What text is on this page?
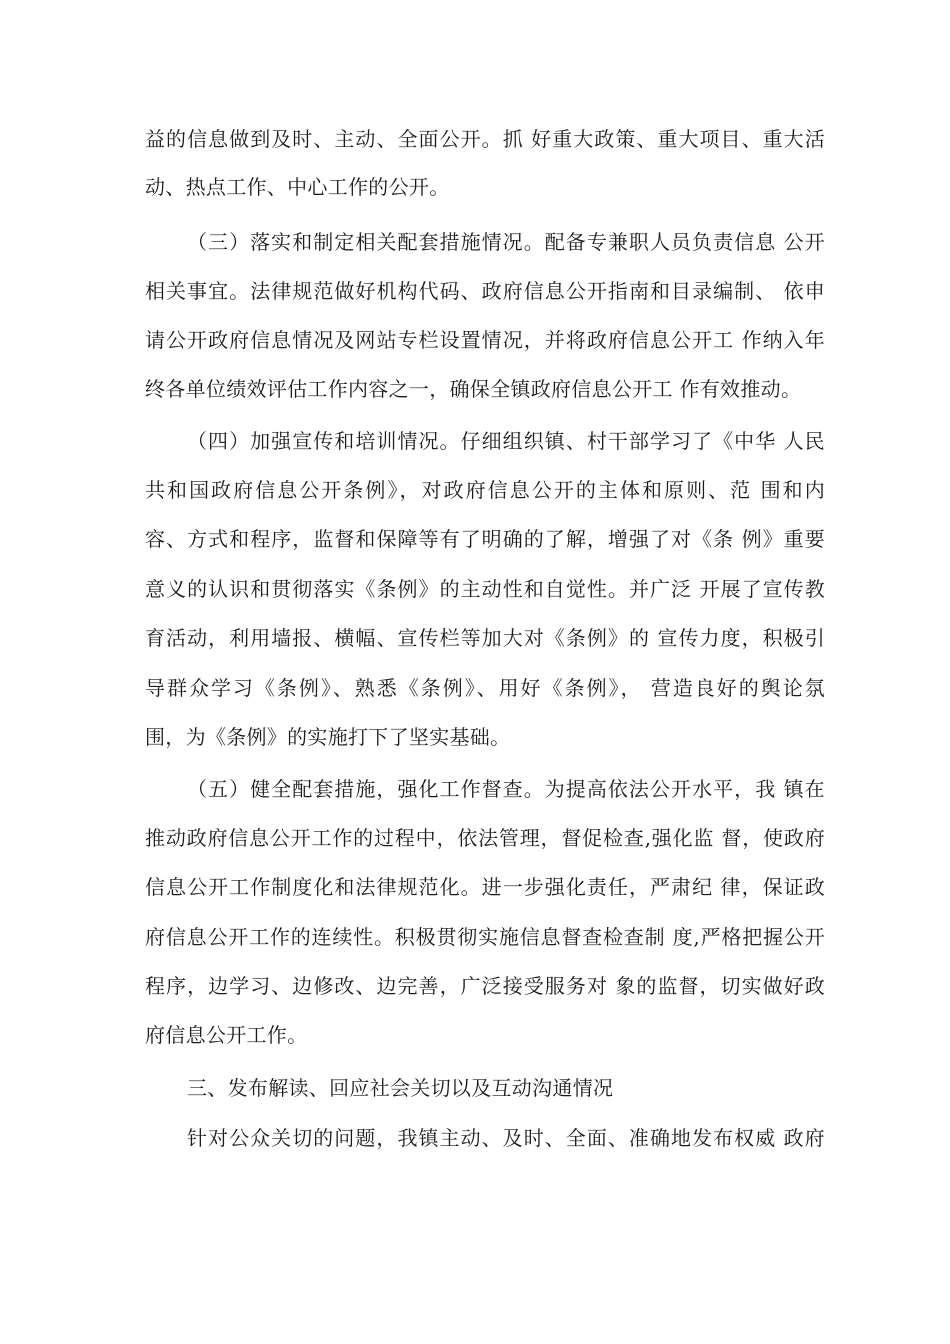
益的信息做到及时、主动、全面公开。抓 好重大政策、重大项目、重大活

动、热点工作、中心工作的公开。

（三）落实和制定相关配套措施情况。配备专兼职人员负责信息 公开

相关事宜。法律规范做好机构代码、政府信息公开指南和目录编制、 依申

请公开政府信息情况及网站专栏设置情况，并将政府信息公开工 作纳入年

终各单位绩效评估工作内容之一，确保全镇政府信息公开工 作有效推动。

（四）加强宣传和培训情况。仔细组织镇、村干部学习了《中华 人民

共和国政府信息公开条例》，对政府信息公开的主体和原则、范 围和内

容、方式和程序，监督和保障等有了明确的了解，增强了对《条 例》重要

意义的认识和贯彻落实《条例》的主动性和自觉性。并广泛 开展了宣传教

育活动，利用墙报、横幅、宣传栏等加大对《条例》的 宣传力度，积极引

导群众学习《条例》、熟悉《条例》、用好《条例》， 营造良好的舆论氛

围，为《条例》的实施打下了坚实基础。

（五）健全配套措施，强化工作督查。为提高依法公开水平，我 镇在

推动政府信息公开工作的过程中，依法管理，督促检查,强化监 督，使政府

信息公开工作制度化和法律规范化。进一步强化责任，严肃纪 律，保证政

府信息公开工作的连续性。积极贯彻实施信息督查检查制 度,严格把握公开

程序，边学习、边修改、边完善，广泛接受服务对 象的监督，切实做好政

府信息公开工作。

三、发布解读、回应社会关切以及互动沟通情况

针对公众关切的问题，我镇主动、及时、全面、准确地发布权威 政府
